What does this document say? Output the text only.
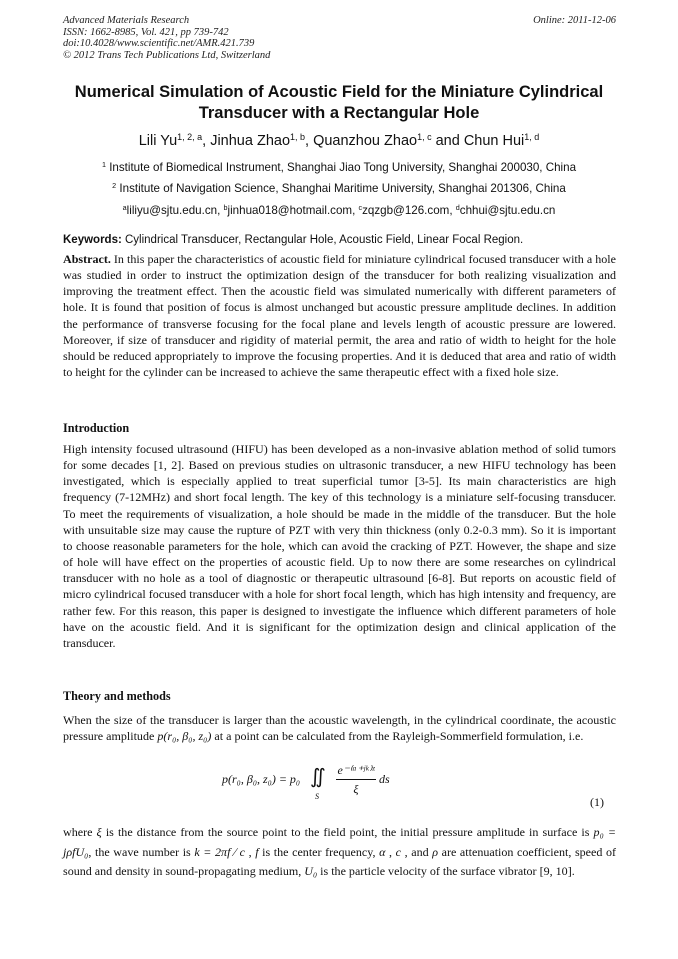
Advanced Materials Research
ISSN: 1662-8985, Vol. 421, pp 739-742
doi:10.4028/www.scientific.net/AMR.421.739
© 2012 Trans Tech Publications Ltd, Switzerland
Online: 2011-12-06
Numerical Simulation of Acoustic Field for the Miniature Cylindrical
Transducer with a Rectangular Hole
Lili Yu$^{1, 2, a}$, Jinhua Zhao$^{1, b}$, Quanzhou Zhao$^{1, c}$ and Chun Hui$^{1, d}$
$^1$ Institute of Biomedical Instrument, Shanghai Jiao Tong University, Shanghai 200030, China
$^2$ Institute of Navigation Science, Shanghai Maritime University, Shanghai 201306, China
$^a$liliyu@sjtu.edu.cn, $^b$jinhua018@hotmail.com, $^c$zqzgb@126.com, $^d$chhui@sjtu.edu.cn
Keywords: Cylindrical Transducer, Rectangular Hole, Acoustic Field, Linear Focal Region.
Abstract. In this paper the characteristics of acoustic field for miniature cylindrical focused transducer with a hole was studied in order to instruct the optimization design of the transducer for both realizing visualization and improving the treatment effect. Then the acoustic field was simulated numerically with different parameters of hole. It is found that position of focus is almost unchanged but acoustic pressure amplitude declines. In addition the performance of transverse focusing for the focal plane and levels length of acoustic pressure are lowered. Moreover, if size of transducer and rigidity of material permit, the area and ratio of width to height for the hole should be reduced appropriately to improve the focusing properties. And it is deduced that area and ratio of width to height for the cylinder can be increased to achieve the same therapeutic effect with a fixed hole size.
Introduction
High intensity focused ultrasound (HIFU) has been developed as a non-invasive ablation method of solid tumors for some decades [1, 2]. Based on previous studies on ultrasonic transducer, a new HIFU technology has been investigated, which is especially applied to treat superficial tumor [3-5]. Its main characteristics are high frequency (7-12MHz) and short focal length. The key of this technology is a miniature self-focusing transducer. To meet the requirements of visualization, a hole should be made in the middle of the transducer. But the hole with unsuitable size may cause the rupture of PZT with very thin thickness (only 0.2-0.3 mm). So it is important to choose reasonable parameters for the hole, which can avoid the cracking of PZT. However, the shape and size of hole will have effect on the properties of acoustic field. Up to now there are some researches on cylindrical transducer with no hole as a tool of diagnostic or therapeutic ultrasound [6-8]. But reports on acoustic field of micro cylindrical focused transducer with a hole for short focal length, which has high intensity and frequency, are rather few. For this reason, this paper is designed to investigate the influence which different parameters of hole have on the acoustic field. And it is significant for the optimization design and clinical application of the transducer.
Theory and methods
When the size of the transducer is larger than the acoustic wavelength, in the cylindrical coordinate, the acoustic pressure amplitude p(r₀, β₀, z₀) at a point can be calculated from the Rayleigh-Sommerfield formulation, i.e.
p(r₀, β₀, z₀) = p₀ ∬
S
e⁻⁽ᵅ⁺ʲᵏ⁾ᶻ
ξ
ds
(1)
where ξ is the distance from the source point to the field point, the initial pressure amplitude in surface is p₀ = jρfU₀, the wave number is k = 2πf ∕ c , f is the center frequency, α , c , and ρ are attenuation coefficient, speed of sound and density in sound-propagating medium, U₀ is the particle velocity of the surface vibrator [9, 10].
